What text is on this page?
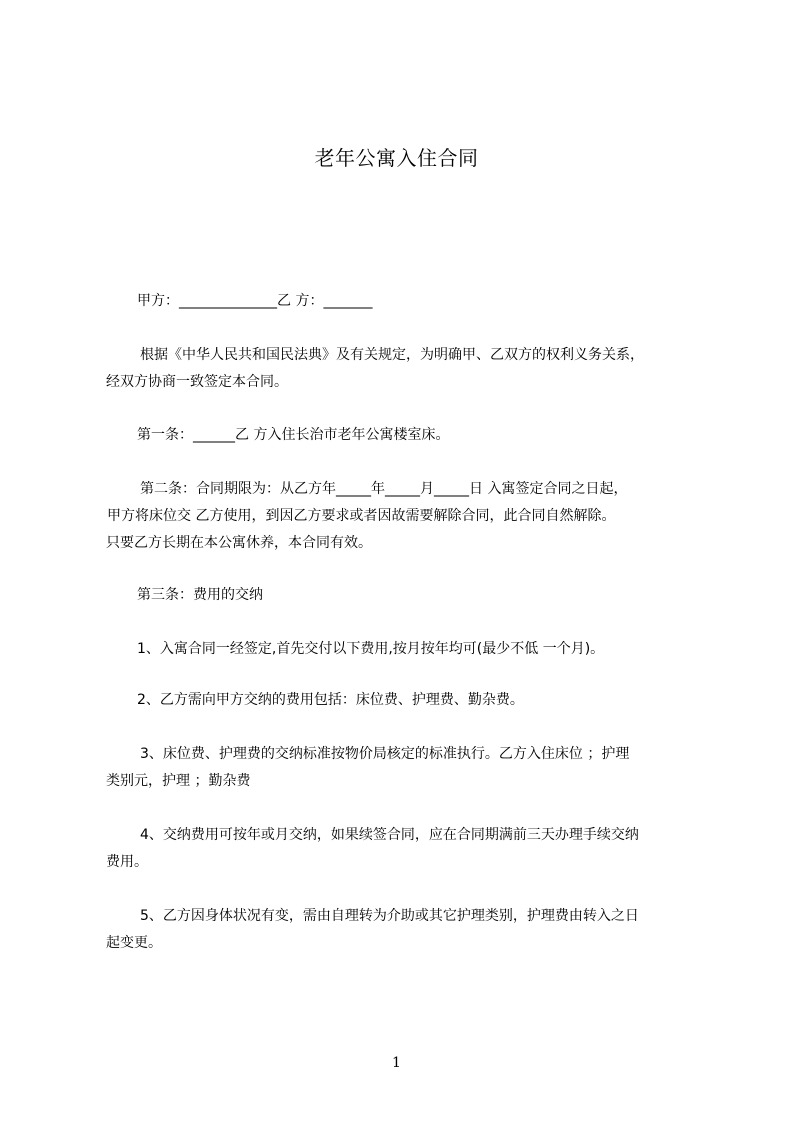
老年公寓入住合同
甲方：______________乙 方：_______
根据《中华人民共和国民法典》及有关规定，为明确甲、乙双方的权利义务关系，
经双方协商一致签定本合同。
第一条：______乙 方入住长治市老年公寓楼室床。
第二条：合同期限为：从乙方年_____年_____月_____日 入寓签定合同之日起，
甲方将床位交 乙方使用，到因乙方要求或者因故需要解除合同，此合同自然解除。
只要乙方长期在本公寓休养，本合同有效。
第三条：费用的交纳
1、入寓合同一经签定,首先交付以下费用,按月按年均可(最少不低 一个月)。
2、乙方需向甲方交纳的费用包括：床位费、护理费、勤杂费。
3、床位费、护理费的交纳标准按物价局核定的标准执行。乙方入住床位 ；护理
类别元，护理 ；勤杂费
4、交纳费用可按年或月交纳，如果续签合同，应在合同期满前三天办理手续交纳
费用。
5、乙方因身体状况有变，需由自理转为介助或其它护理类别，护理费由转入之日
起变更。
1
